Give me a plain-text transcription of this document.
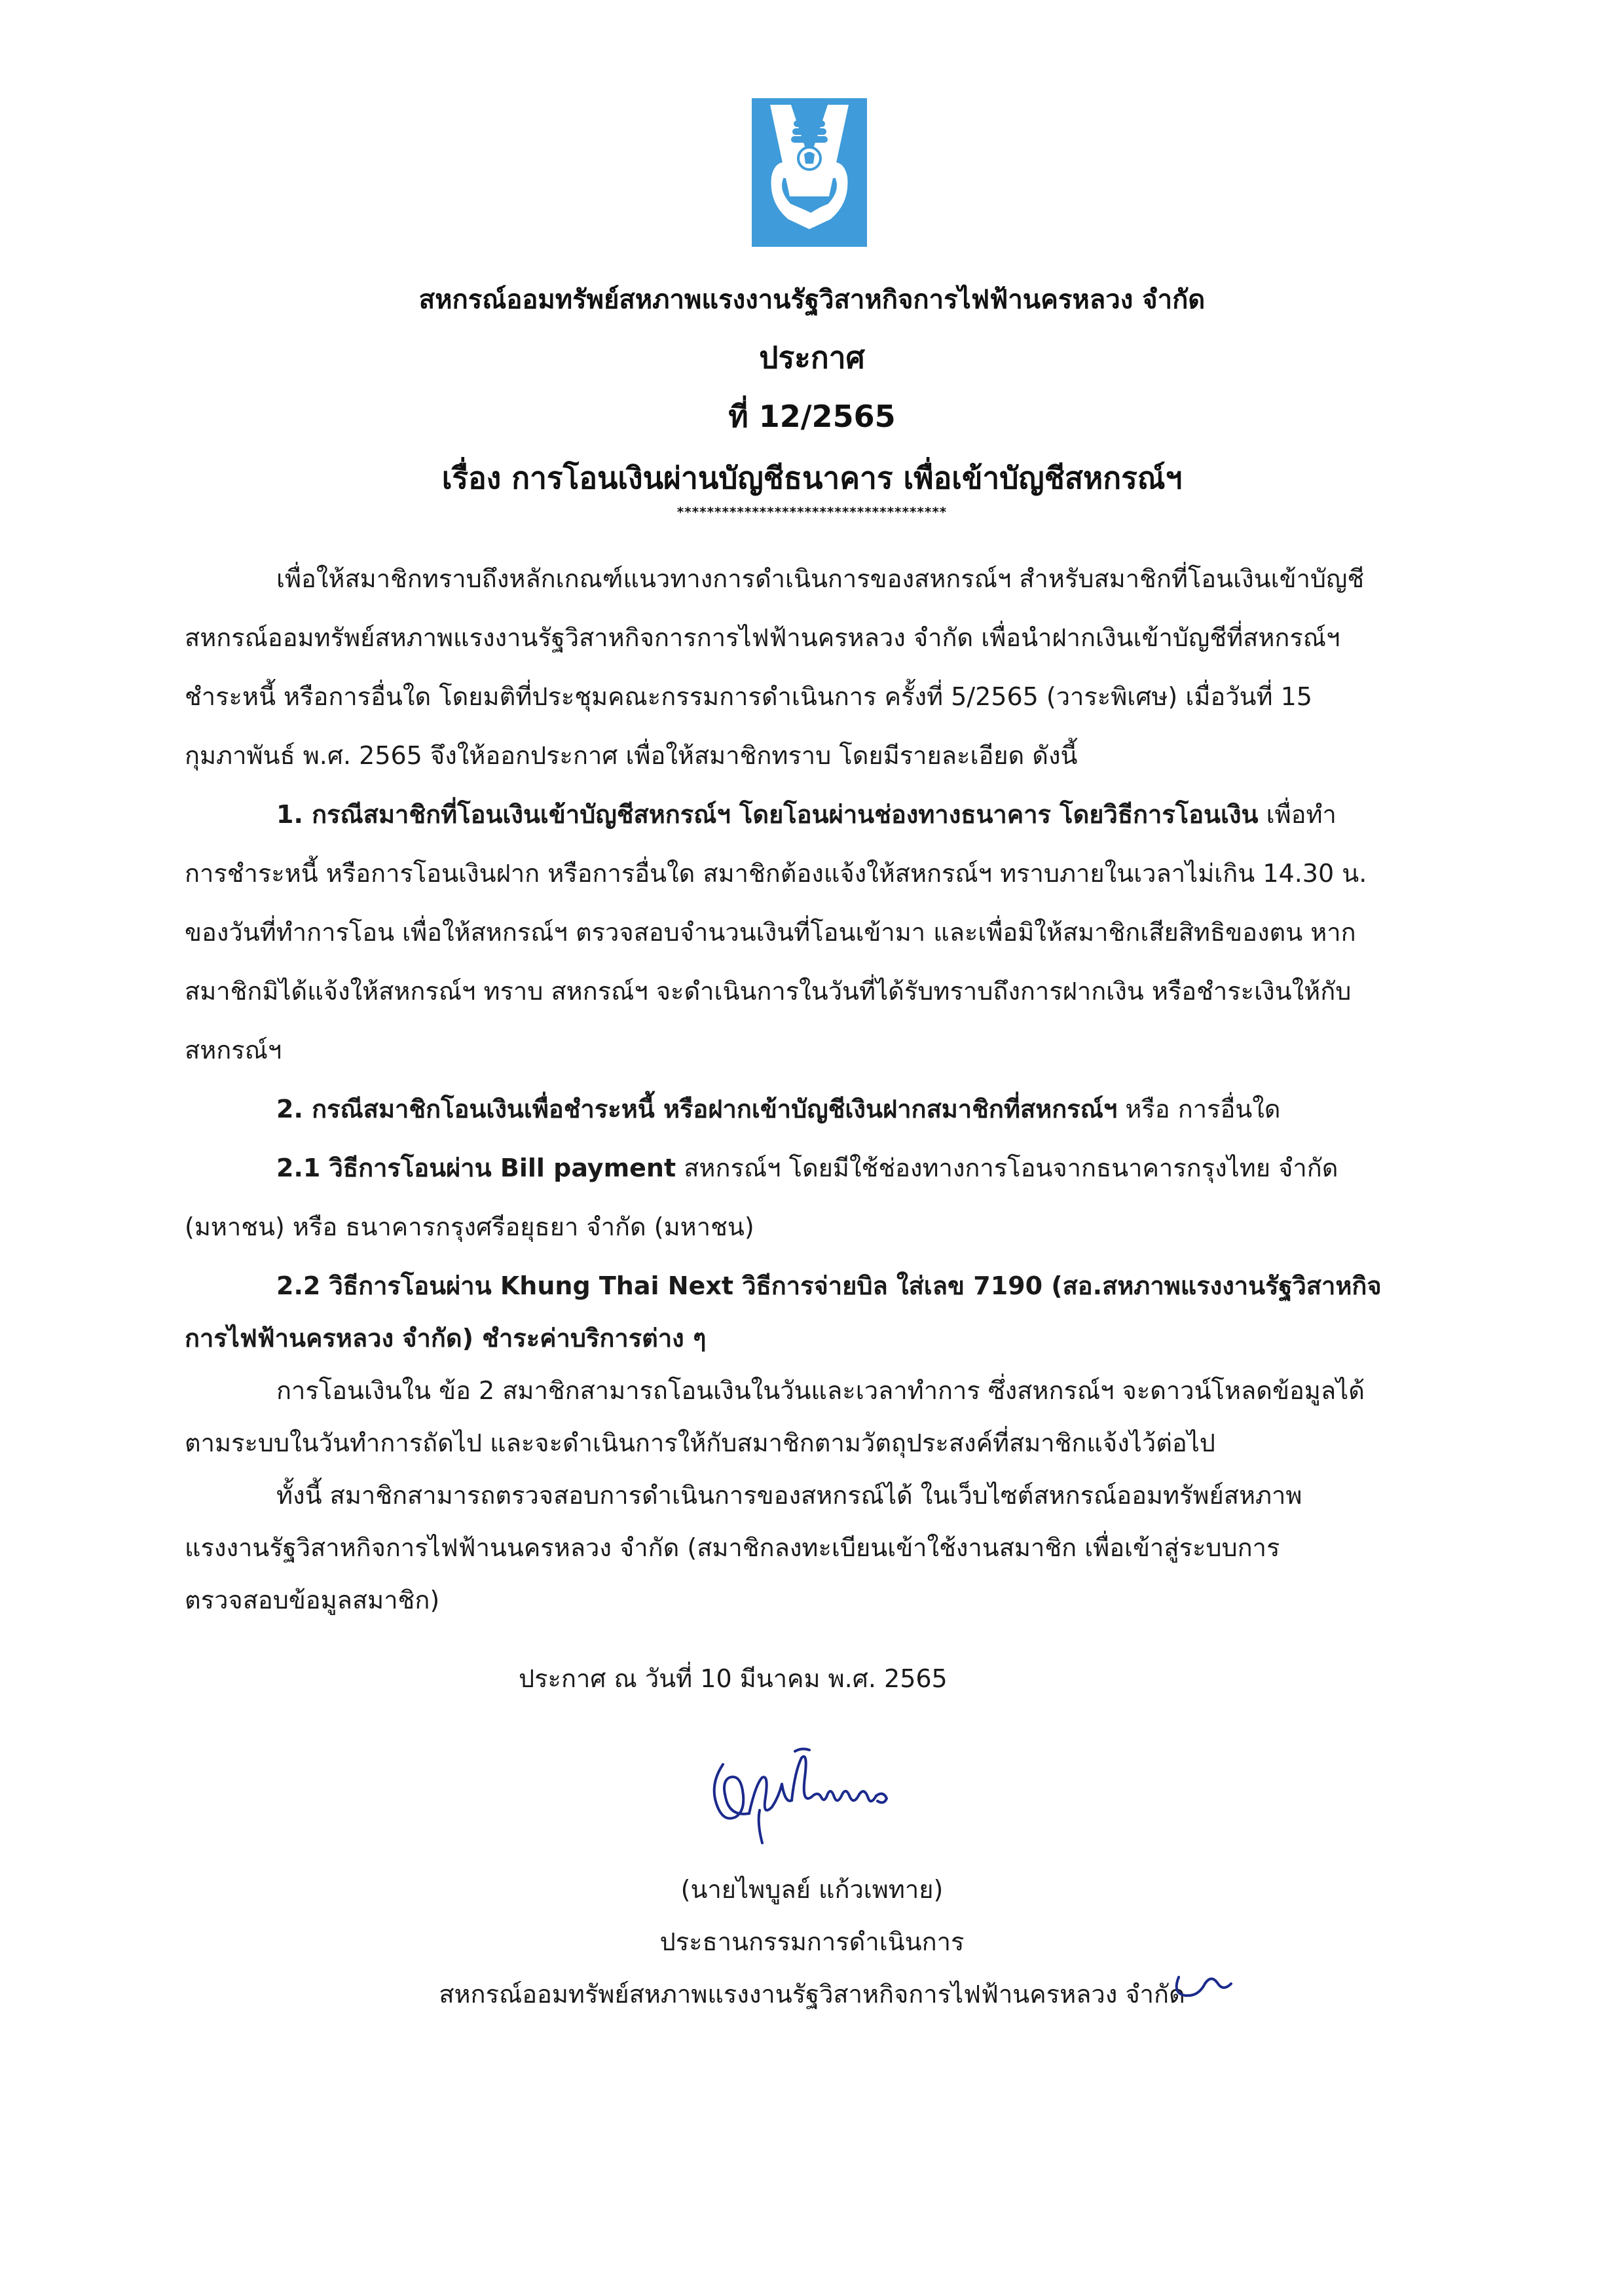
สหกรณ์ออมทรัพย์สหภาพแรงงานรัฐวิสาหกิจการไฟฟ้านครหลวง จำกัด
ประกาศ
ที่ 12/2565
เรื่อง การโอนเงินผ่านบัญชีธนาคาร เพื่อเข้าบัญชีสหกรณ์ฯ
************************************
เพื่อให้สมาชิกทราบถึงหลักเกณฑ์แนวทางการดำเนินการของสหกรณ์ฯ สำหรับสมาชิกที่โอนเงินเข้าบัญชี
สหกรณ์ออมทรัพย์สหภาพแรงงานรัฐวิสาหกิจการการไฟฟ้านครหลวง จำกัด เพื่อนำฝากเงินเข้าบัญชีที่สหกรณ์ฯ
ชำระหนี้ หรือการอื่นใด โดยมติที่ประชุมคณะกรรมการดำเนินการ ครั้งที่ 5/2565 (วาระพิเศษ) เมื่อวันที่ 15
กุมภาพันธ์ พ.ศ. 2565 จึงให้ออกประกาศ เพื่อให้สมาชิกทราบ โดยมีรายละเอียด ดังนี้
1. กรณีสมาชิกที่โอนเงินเข้าบัญชีสหกรณ์ฯ โดยโอนผ่านช่องทางธนาคาร โดยวิธีการโอนเงิน เพื่อทำ
การชำระหนี้ หรือการโอนเงินฝาก หรือการอื่นใด สมาชิกต้องแจ้งให้สหกรณ์ฯ ทราบภายในเวลาไม่เกิน 14.30 น.
ของวันที่ทำการโอน เพื่อให้สหกรณ์ฯ ตรวจสอบจำนวนเงินที่โอนเข้ามา และเพื่อมิให้สมาชิกเสียสิทธิของตน หาก
สมาชิกมิได้แจ้งให้สหกรณ์ฯ ทราบ สหกรณ์ฯ จะดำเนินการในวันที่ได้รับทราบถึงการฝากเงิน หรือชำระเงินให้กับ
สหกรณ์ฯ
2. กรณีสมาชิกโอนเงินเพื่อชำระหนี้ หรือฝากเข้าบัญชีเงินฝากสมาชิกที่สหกรณ์ฯ หรือ การอื่นใด
2.1 วิธีการโอนผ่าน Bill payment สหกรณ์ฯ โดยมีใช้ช่องทางการโอนจากธนาคารกรุงไทย จำกัด
(มหาชน) หรือ ธนาคารกรุงศรีอยุธยา จำกัด (มหาชน)
2.2 วิธีการโอนผ่าน Khung Thai Next วิธีการจ่ายบิล ใส่เลข 7190 (สอ.สหภาพแรงงานรัฐวิสาหกิจ
การไฟฟ้านครหลวง จำกัด) ชำระค่าบริการต่าง ๆ
การโอนเงินใน ข้อ 2 สมาชิกสามารถโอนเงินในวันและเวลาทำการ ซึ่งสหกรณ์ฯ จะดาวน์โหลดข้อมูลได้
ตามระบบในวันทำการถัดไป และจะดำเนินการให้กับสมาชิกตามวัตถุประสงค์ที่สมาชิกแจ้งไว้ต่อไป
ทั้งนี้ สมาชิกสามารถตรวจสอบการดำเนินการของสหกรณ์ได้ ในเว็บไซต์สหกรณ์ออมทรัพย์สหภาพ
แรงงานรัฐวิสาหกิจการไฟฟ้านนครหลวง จำกัด (สมาชิกลงทะเบียนเข้าใช้งานสมาชิก เพื่อเข้าสู่ระบบการ
ตรวจสอบข้อมูลสมาชิก)
ประกาศ ณ วันที่ 10 มีนาคม พ.ศ. 2565
(นายไพบูลย์ แก้วเพทาย)
ประธานกรรมการดำเนินการ
สหกรณ์ออมทรัพย์สหภาพแรงงานรัฐวิสาหกิจการไฟฟ้านครหลวง จำกัด
